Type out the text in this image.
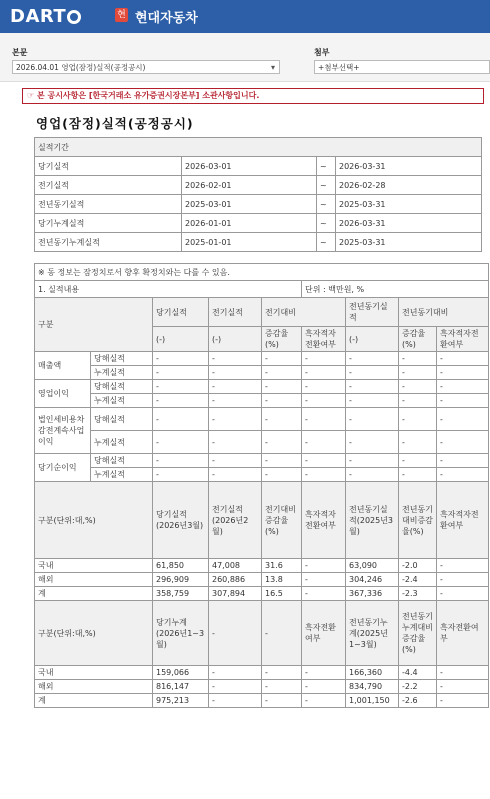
DART	현 현대자동차
본문
2026.04.01 영업(잠정)실적(공정공시)	▾
첨부
+첨부선택+
☞ 본 공시사항은 [한국거래소 유가증권시장본부] 소관사항입니다.
영업(잠정)실적(공정공시)
실적기간			
당기실적	2026-03-01	~	2026-03-31
전기실적	2026-02-01	~	2026-02-28
전년동기실적	2025-03-01	~	2025-03-31
당기누계실적	2026-01-01	~	2026-03-31
전년동기누계실적	2025-01-01	~	2025-03-31
※ 동 정보는 잠정치로서 향후 확정치와는 다를 수 있음.								
1. 실적내용					단위 : 백만원, %			
구분		당기실적	전기실적	전기대비		전년동기실적	전년동기대비	
				증감율(%)	흑자적자전환여부		증감율(%)	흑자적자전환여부
		(-)	(-)			(-)		
매출액	당해실적	-	-	-	-	-	-	-
	누계실적	-	-	-	-	-	-	-
영업이익	당해실적	-	-	-	-	-	-	-
	누계실적	-	-	-	-	-	-	-
법인세비용차감전계속사업이익	당해실적	-	-	-	-	-	-	-
	누계실적	-	-	-	-	-	-	-
당기순이익	당해실적	-	-	-	-	-	-	-
	누계실적	-	-	-	-	-	-	-
구분(단위:대,%)		당기실적(2026년3월)	전기실적(2026년2월)	전기대비증감율(%)	흑자적자전환여부	전년동기실적(2025년3월)	전년동기대비증감율(%)	흑자적자전환여부
국내		61,850	47,008	31.6	-	63,090	-2.0	-
해외		296,909	260,886	13.8	-	304,246	-2.4	-
계		358,759	307,894	16.5	-	367,336	-2.3	-
구분(단위:대,%)		당기누계(2026년1~3월)	-	-	흑자전환여부	전년동기누계(2025년1~3월)	전년동기누계대비증감율(%)	흑자전환여부
국내		159,066	-	-	-	166,360	-4.4	-
해외		816,147	-	-	-	834,790	-2.2	-
계		975,213	-	-	-	1,001,150	-2.6	-
